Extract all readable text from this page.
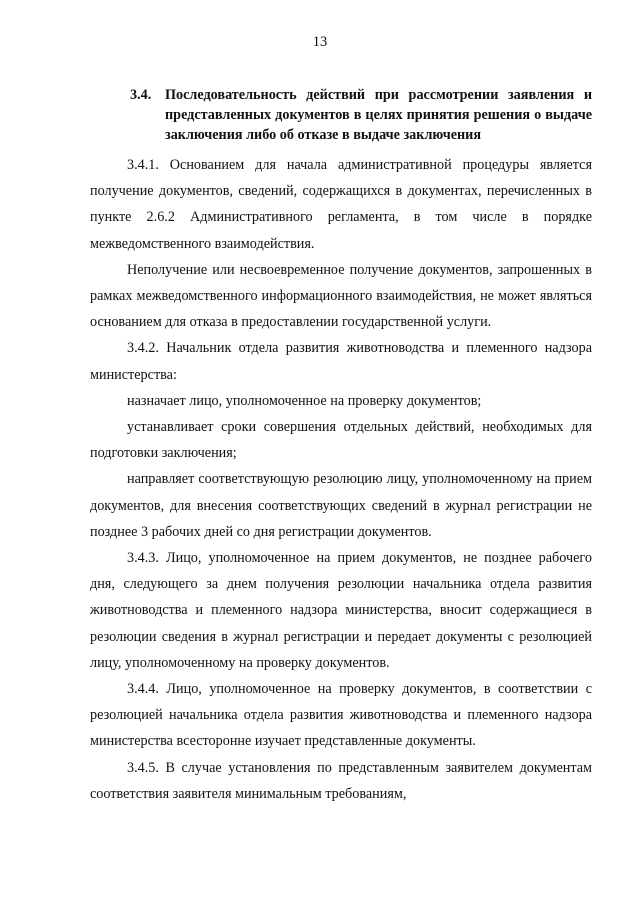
13
3.4. Последовательность действий при рассмотрении заявления и представленных документов в целях принятия решения о выдаче заключения либо об отказе в выдаче заключения

3.4.1. Основанием для начала административной процедуры является получение документов, сведений, содержащихся в документах, перечисленных в пункте 2.6.2 Административного регламента, в том числе в порядке межведомственного взаимодействия.

Неполучение или несвоевременное получение документов, запрошенных в рамках межведомственного информационного взаимодействия, не может являться основанием для отказа в предоставлении государственной услуги.

3.4.2. Начальник отдела развития животноводства и племенного надзора министерства:

назначает лицо, уполномоченное на проверку документов;

устанавливает сроки совершения отдельных действий, необходимых для подготовки заключения;

направляет соответствующую резолюцию лицу, уполномоченному на прием документов, для внесения соответствующих сведений в журнал регистрации не позднее 3 рабочих дней со дня регистрации документов.

3.4.3. Лицо, уполномоченное на прием документов, не позднее рабочего дня, следующего за днем получения резолюции начальника отдела развития животноводства и племенного надзора министерства, вносит содержащиеся в резолюции сведения в журнал регистрации и передает документы с резолюцией лицу, уполномоченному на проверку документов.

3.4.4. Лицо, уполномоченное на проверку документов, в соответствии с резолюцией начальника отдела развития животноводства и племенного надзора министерства всесторонне изучает представленные документы.

3.4.5. В случае установления по представленным заявителем документам соответствия заявителя минимальным требованиям,
